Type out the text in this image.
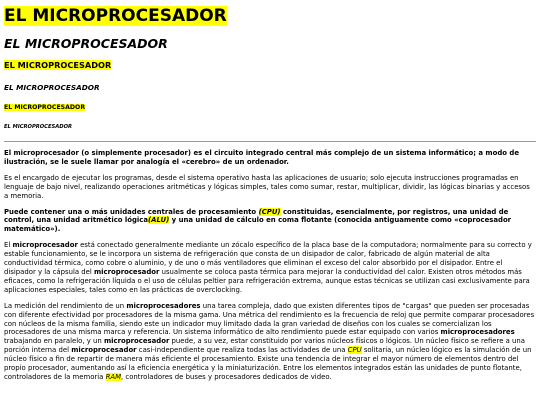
EL MICROPROCESADOR
EL MICROPROCESADOR
EL MICROPROCESADOR
EL MICROPROCESADOR
EL MICROPROCESADOR
EL MICROPROCESADOR

El microprocesador (o simplemente procesador) es el circuito integrado central más complejo de un sistema informático; a modo de ilustración, se le suele llamar por analogía el «cerebro» de un ordenador.

Es el encargado de ejecutar los programas, desde el sistema operativo hasta las aplicaciones de usuario; solo ejecuta instrucciones programadas en lenguaje de bajo nivel, realizando operaciones aritméticas y lógicas simples, tales como sumar, restar, multiplicar, dividir, las lógicas binarias y accesos a memoria.

Puede contener una o más unidades centrales de procesamiento (CPU) constituidas, esencialmente, por registros, una unidad de control, una unidad aritmético lógica(ALU) y una unidad de cálculo en coma flotante (conocida antiguamente como «coprocesador matemático»).

El microprocesador está conectado generalmente mediante un zócalo específico de la placa base de la computadora; normalmente para su correcto y estable funcionamiento, se le incorpora un sistema de refrigeración que consta de un disipador de calor, fabricado de algún material de alta conductividad térmica, como cobre o aluminio, y de uno o más ventiladores que eliminan el exceso del calor absorbido por el disipador. Entre el disipador y la cápsula del microprocesador usualmente se coloca pasta térmica para mejorar la conductividad del calor. Existen otros métodos más eficaces, como la refrigeración líquida o el uso de células peltier para refrigeración extrema, aunque estas técnicas se utilizan casi exclusivamente para aplicaciones especiales, tales como en las prácticas de overclocking.

La medición del rendimiento de un microprocesadores una tarea compleja, dado que existen diferentes tipos de "cargas" que pueden ser procesadas con diferente efectividad por procesadores de la misma gama. Una métrica del rendimiento es la frecuencia de reloj que permite comparar procesadores con núcleos de la misma familia, siendo este un indicador muy limitado dada la gran variedad de diseños con los cuales se comercializan los procesadores de una misma marca y referencia. Un sistema informático de alto rendimiento puede estar equipado con varios microprocesadores trabajando en paralelo, y un microprocesador puede, a su vez, estar constituido por varios núcleos físicos o lógicos. Un núcleo físico se refiere a una porción interna del microprocesador casi-independiente que realiza todas las actividades de una CPU solitaria, un núcleo lógico es la simulación de un núcleo físico a fin de repartir de manera más eficiente el procesamiento. Existe una tendencia de integrar el mayor número de elementos dentro del propio procesador, aumentando así la eficiencia energética y la miniaturización. Entre los elementos integrados están las unidades de punto flotante, controladores de la memoria RAM, controladores de buses y procesadores dedicados de video.
